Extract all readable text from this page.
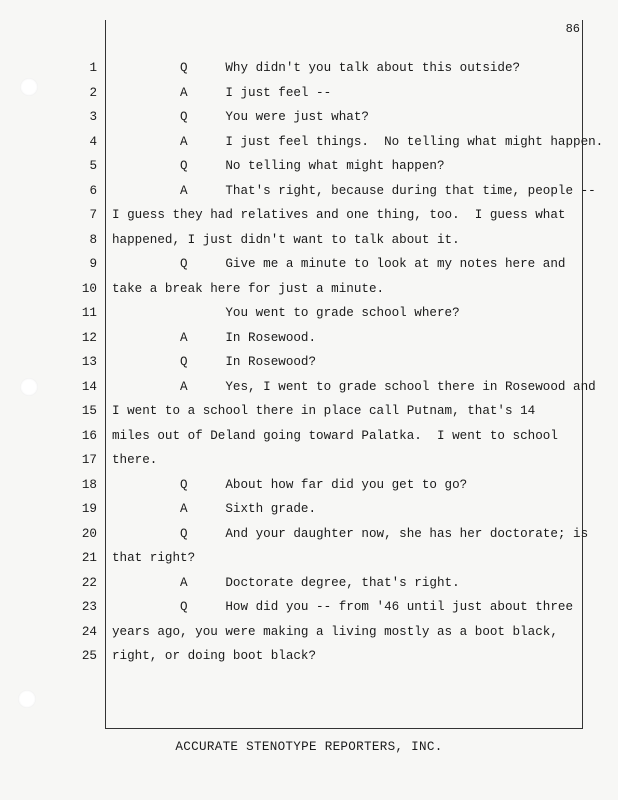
86
1 Q     Why didn't you talk about this outside?
2 A     I just feel --
3 Q     You were just what?
4 A     I just feel things.  No telling what might happen.
5 Q     No telling what might happen?
6 A     That's right, because during that time, people --
7 I guess they had relatives and one thing, too.  I guess what
8 happened, I just didn't want to talk about it.
9 Q     Give me a minute to look at my notes here and
10 take a break here for just a minute.
11 You went to grade school where?
12 A     In Rosewood.
13 Q     In Rosewood?
14 A     Yes, I went to grade school there in Rosewood and
15 I went to a school there in place call Putnam, that's 14
16 miles out of Deland going toward Palatka.  I went to school
17 there.
18 Q     About how far did you get to go?
19 A     Sixth grade.
20 Q     And your daughter now, she has her doctorate; is
21 that right?
22 A     Doctorate degree, that's right.
23 Q     How did you -- from '46 until just about three
24 years ago, you were making a living mostly as a boot black,
25 right, or doing boot black?
ACCURATE STENOTYPE REPORTERS, INC.
